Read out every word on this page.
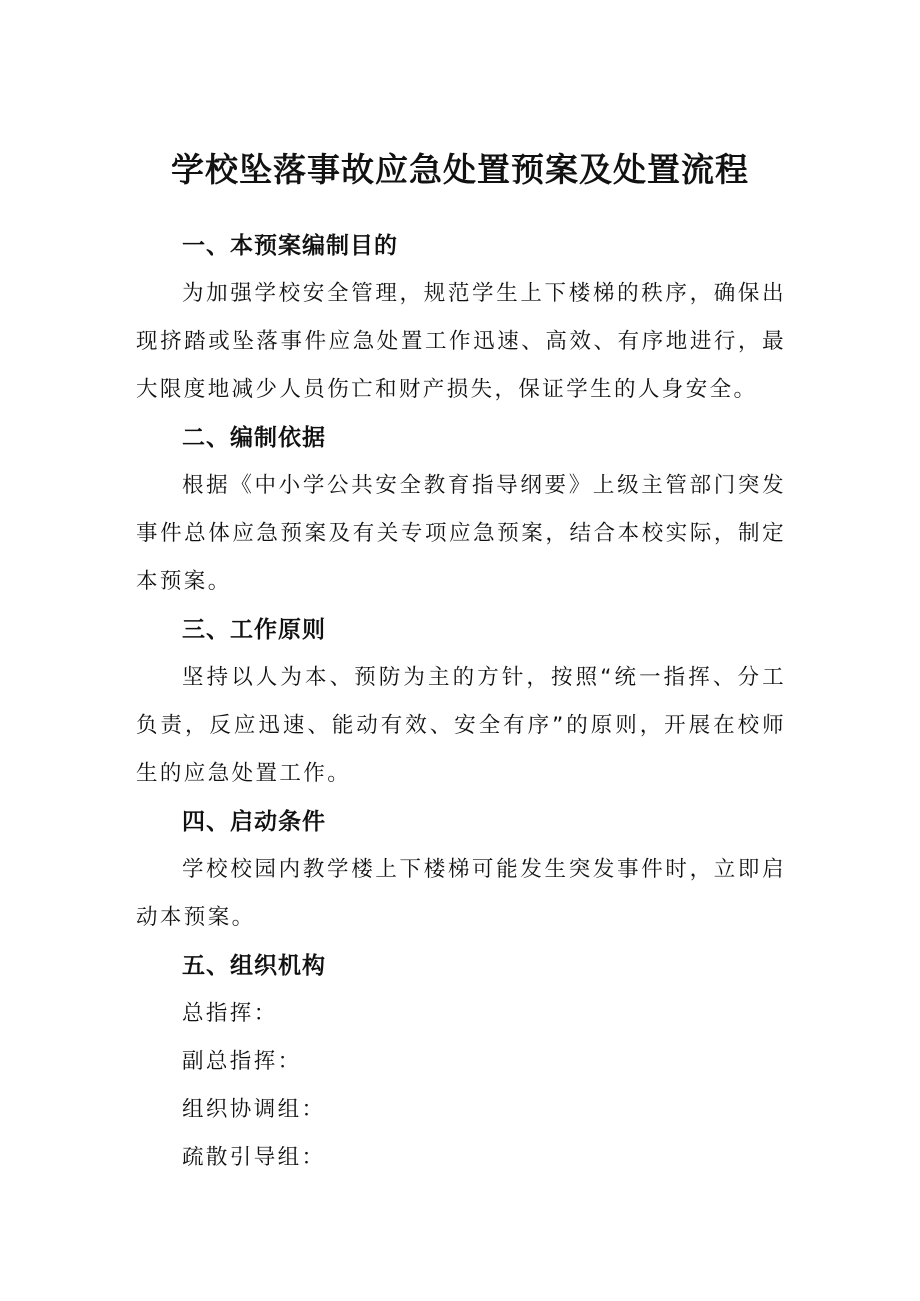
学校坠落事故应急处置预案及处置流程
一、本预案编制目的

为加强学校安全管理，规范学生上下楼梯的秩序，确保出现挤踏或坠落事件应急处置工作迅速、高效、有序地进行，最大限度地减少人员伤亡和财产损失，保证学生的人身安全。

二、编制依据

根据《中小学公共安全教育指导纲要》上级主管部门突发事件总体应急预案及有关专项应急预案，结合本校实际，制定本预案。

三、工作原则

坚持以人为本、预防为主的方针，按照“统一指挥、分工负责，反应迅速、能动有效、安全有序”的原则，开展在校师生的应急处置工作。

四、启动条件

学校校园内教学楼上下楼梯可能发生突发事件时，立即启动本预案。

五、组织机构

总指挥：

副总指挥：

组织协调组：

疏散引导组：
